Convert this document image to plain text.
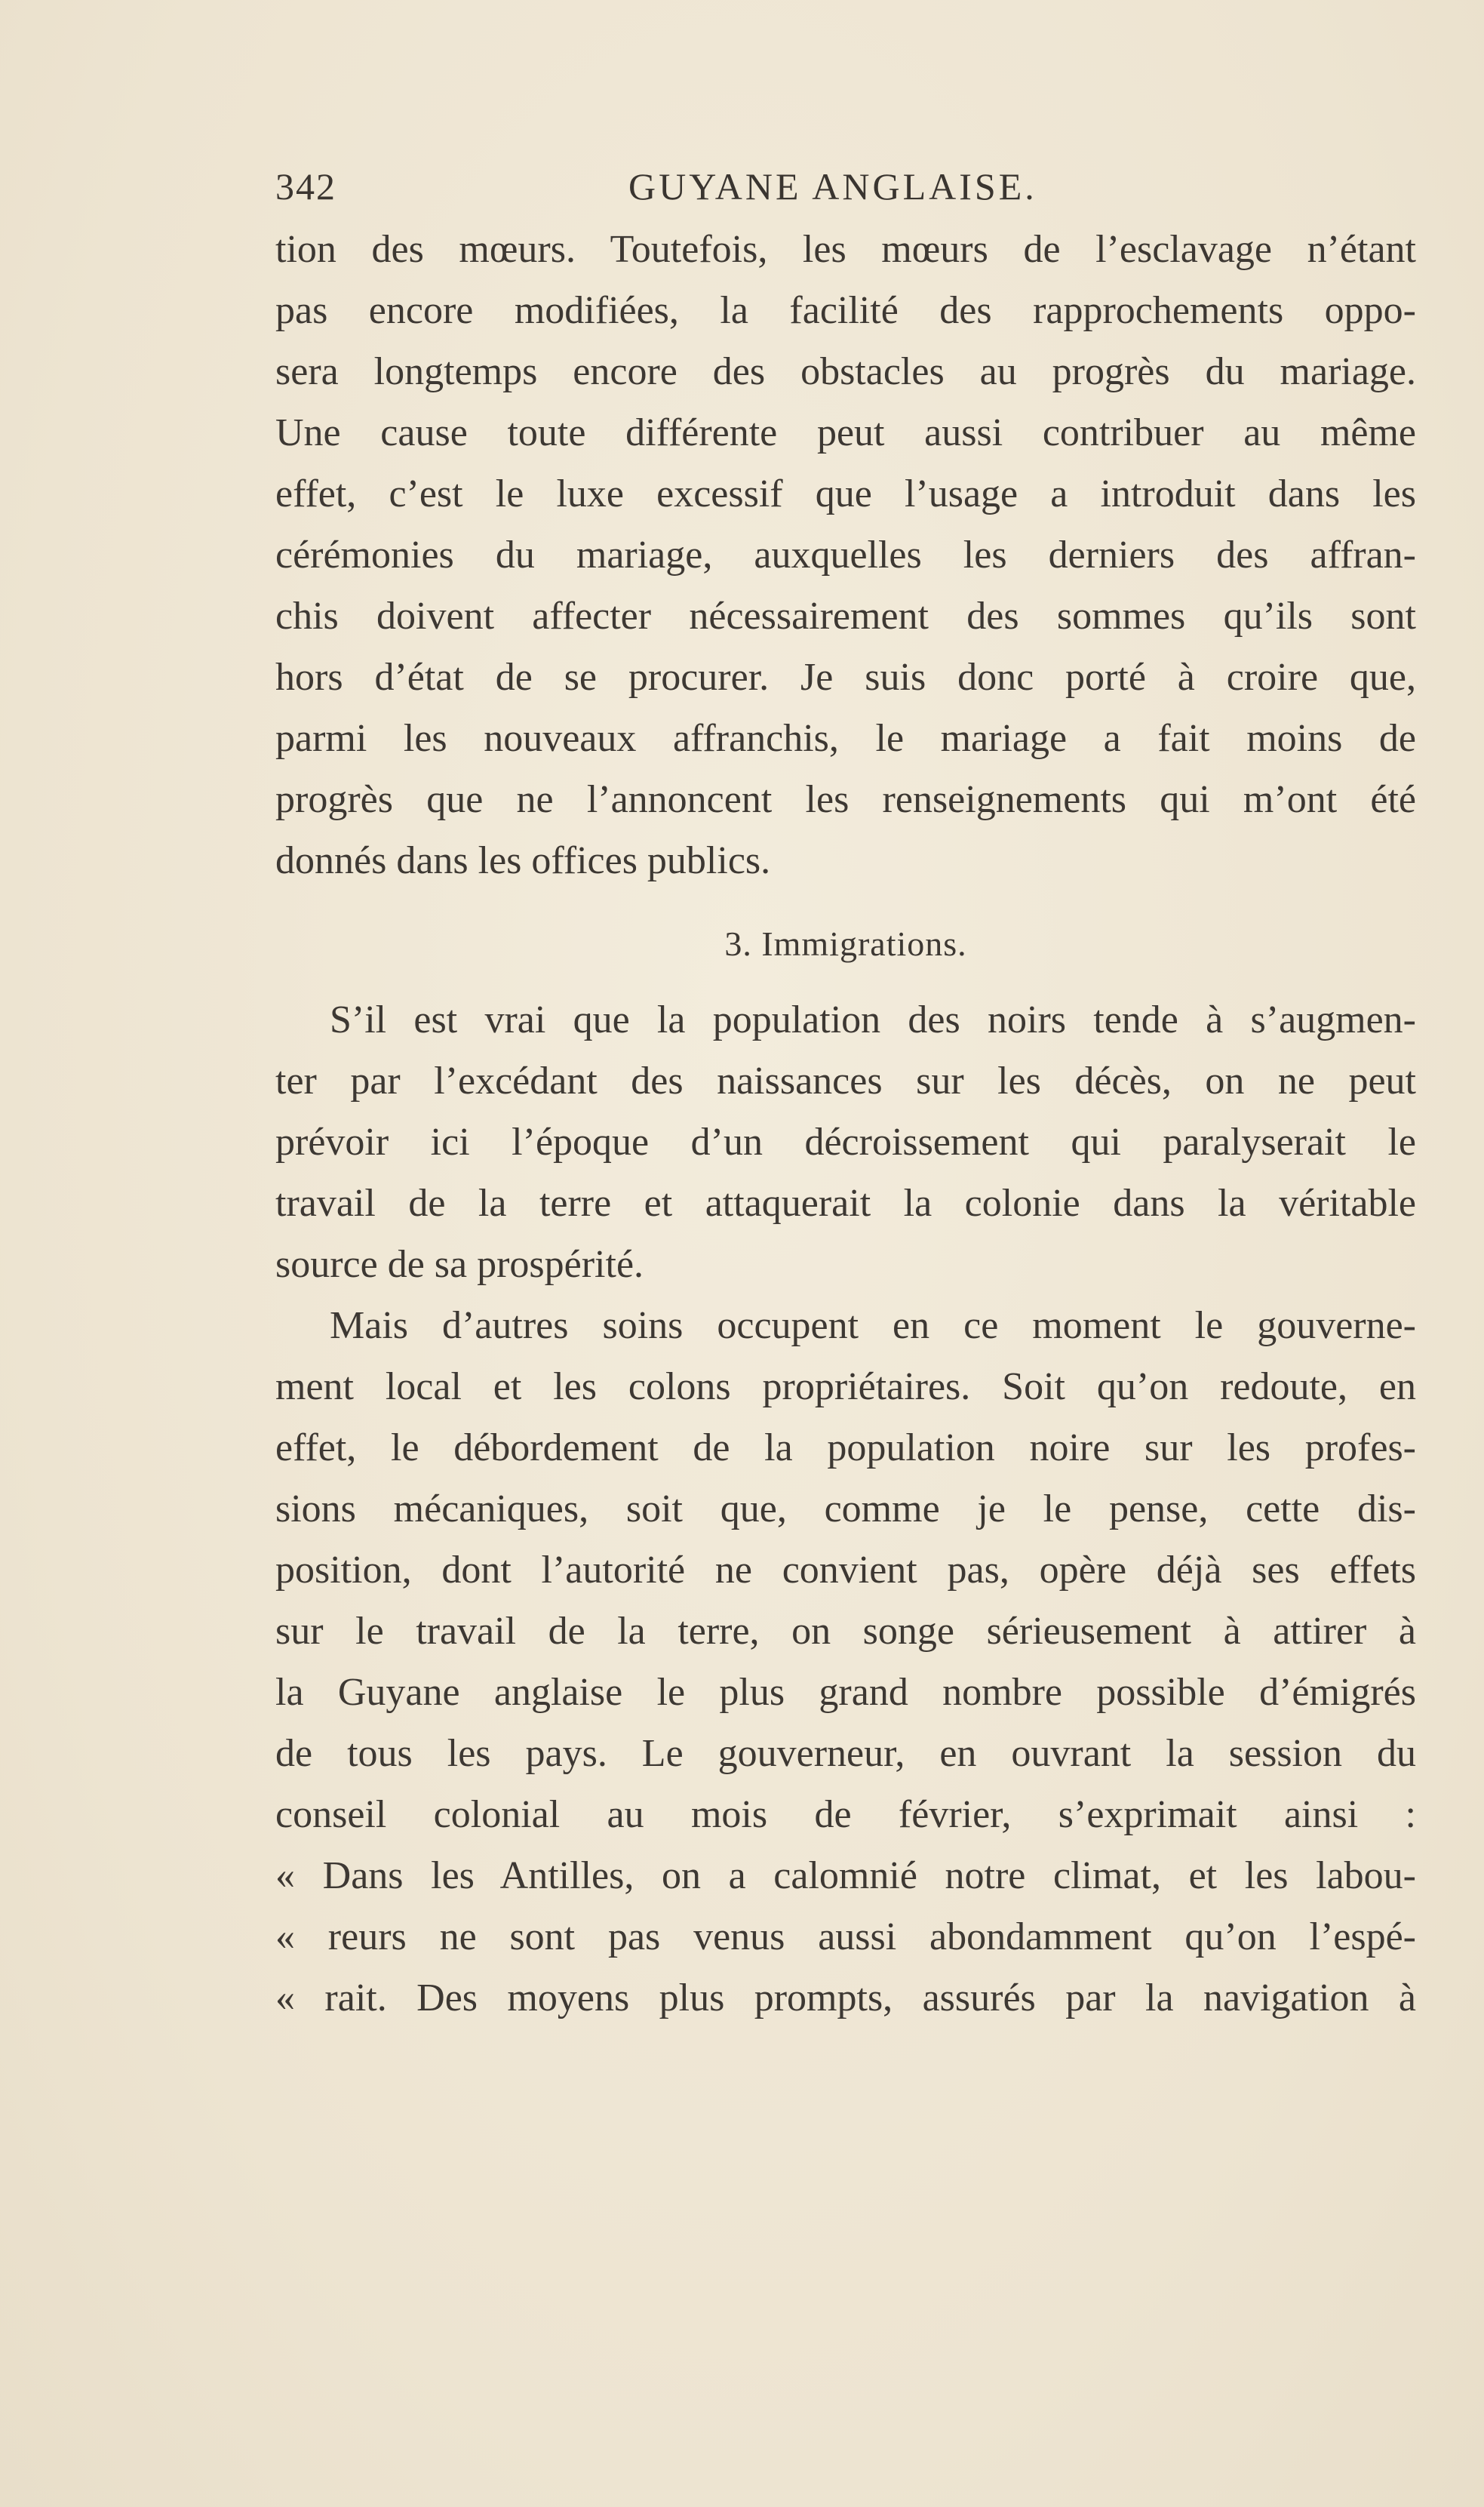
342	GUYANE ANGLAISE.
tion des mœurs. Toutefois, les mœurs de l’esclavage n’étant
pas encore modifiées, la facilité des rapprochements oppo-
sera longtemps encore des obstacles au progrès du mariage.
Une cause toute différente peut aussi contribuer au même
effet, c’est le luxe excessif que l’usage a introduit dans les
cérémonies du mariage, auxquelles les derniers des affran-
chis doivent affecter nécessairement des sommes qu’ils sont
hors d’état de se procurer. Je suis donc porté à croire que,
parmi les nouveaux affranchis, le mariage a fait moins de
progrès que ne l’annoncent les renseignements qui m’ont été
donnés dans les offices publics.
3. Immigrations.
S’il est vrai que la population des noirs tende à s’augmen-
ter par l’excédant des naissances sur les décès, on ne peut
prévoir ici l’époque d’un décroissement qui paralyserait le
travail de la terre et attaquerait la colonie dans la véritable
source de sa prospérité.
Mais d’autres soins occupent en ce moment le gouverne-
ment local et les colons propriétaires. Soit qu’on redoute, en
effet, le débordement de la population noire sur les profes-
sions mécaniques, soit que, comme je le pense, cette dis-
position, dont l’autorité ne convient pas, opère déjà ses effets
sur le travail de la terre, on songe sérieusement à attirer à
la Guyane anglaise le plus grand nombre possible d’émigrés
de tous les pays. Le gouverneur, en ouvrant la session du
conseil colonial au mois de février, s’exprimait ainsi :
« Dans les Antilles, on a calomnié notre climat, et les labou-
« reurs ne sont pas venus aussi abondamment qu’on l’espé-
« rait. Des moyens plus prompts, assurés par la navigation à
